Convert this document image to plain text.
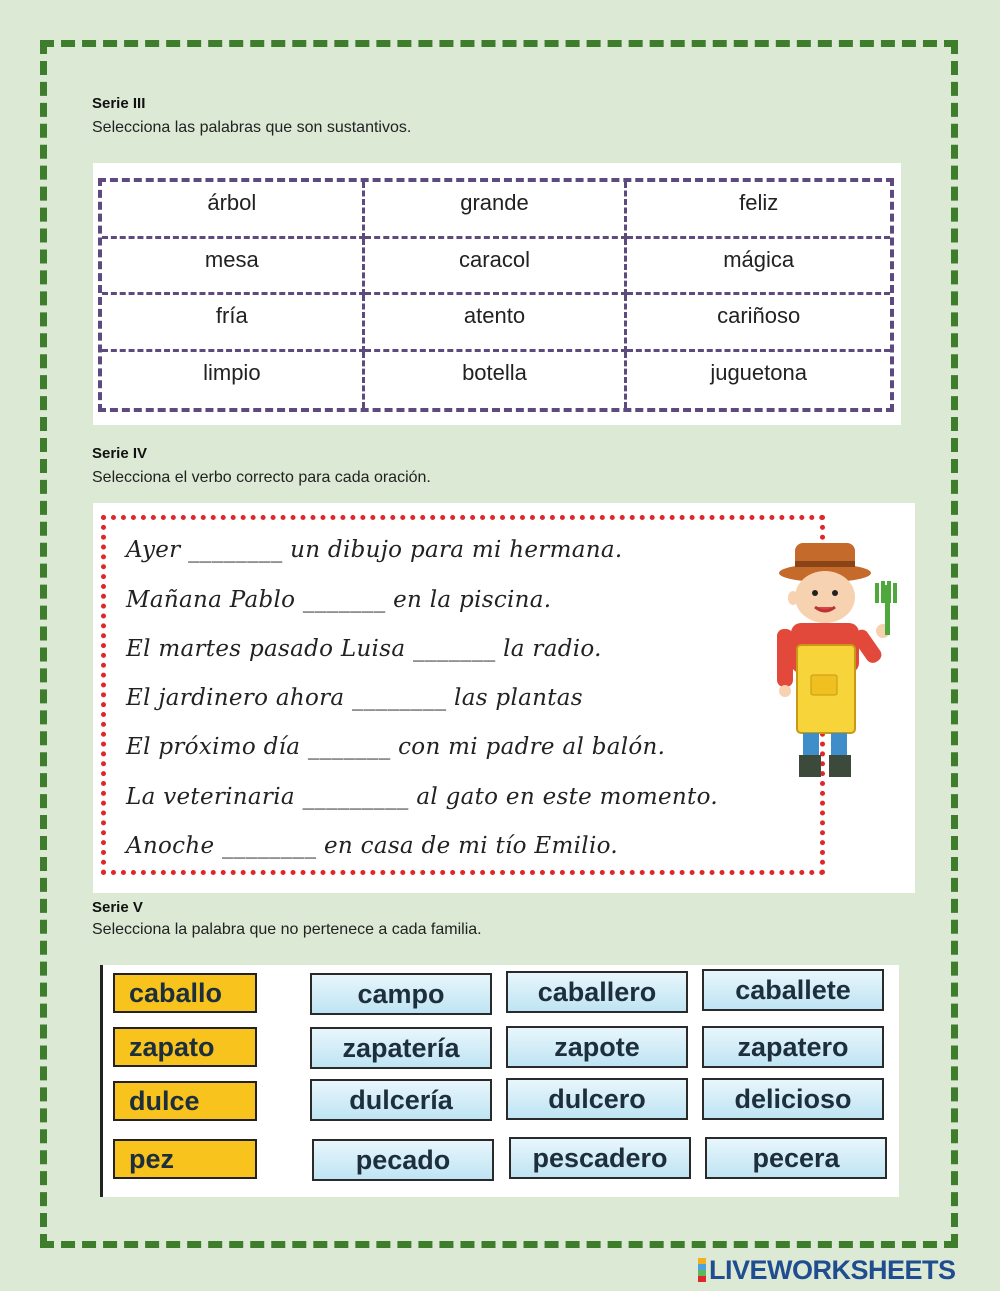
Serie III
Selecciona las palabras que son sustantivos.
árbol	grande	feliz
mesa	caracol	mágica
fría	atento	cariñoso
limpio	botella	juguetona
Serie IV
Selecciona el verbo correcto para cada oración.
Ayer ________ un dibujo para mi hermana.
Mañana Pablo _______ en la piscina.
El martes pasado Luisa _______ la radio.
El jardinero ahora ________ las plantas
El próximo día _______ con mi padre al balón.
La veterinaria _________ al gato en este momento.
Anoche ________ en casa de mi tío Emilio.
Serie V
Selecciona la palabra que no pertenece a cada familia.
caballo	campo	caballero	caballete
zapato	zapatería	zapote	zapatero
dulce	dulcería	dulcero	delicioso
pez	pecado	pescadero	pecera
LIVEWORKSHEETS
